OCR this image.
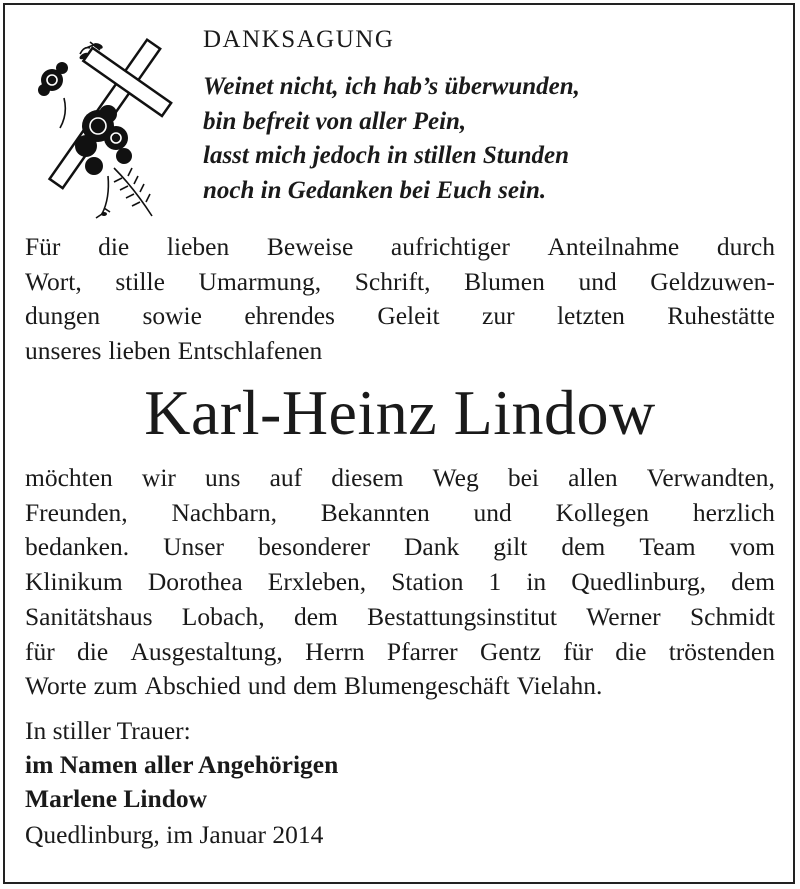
DANKSAGUNG
Weinet nicht, ich hab’s überwunden,
bin befreit von aller Pein,
lasst mich jedoch in stillen Stunden
noch in Gedanken bei Euch sein.
Für die lieben Beweise aufrichtiger Anteilnahme durch
Wort, stille Umarmung, Schrift, Blumen und Geldzuwen-
dungen sowie ehrendes Geleit zur letzten Ruhestätte
unseres lieben Entschlafenen
Karl-Heinz Lindow
möchten wir uns auf diesem Weg bei allen Verwandten,
Freunden, Nachbarn, Bekannten und Kollegen herzlich
bedanken. Unser besonderer Dank gilt dem Team vom
Klinikum Dorothea Erxleben, Station 1 in Quedlinburg, dem
Sanitätshaus Lobach, dem Bestattungsinstitut Werner Schmidt
für die Ausgestaltung, Herrn Pfarrer Gentz für die tröstenden
Worte zum Abschied und dem Blumengeschäft Vielahn.
In stiller Trauer:
im Namen aller Angehörigen
Marlene Lindow
Quedlinburg, im Januar 2014
